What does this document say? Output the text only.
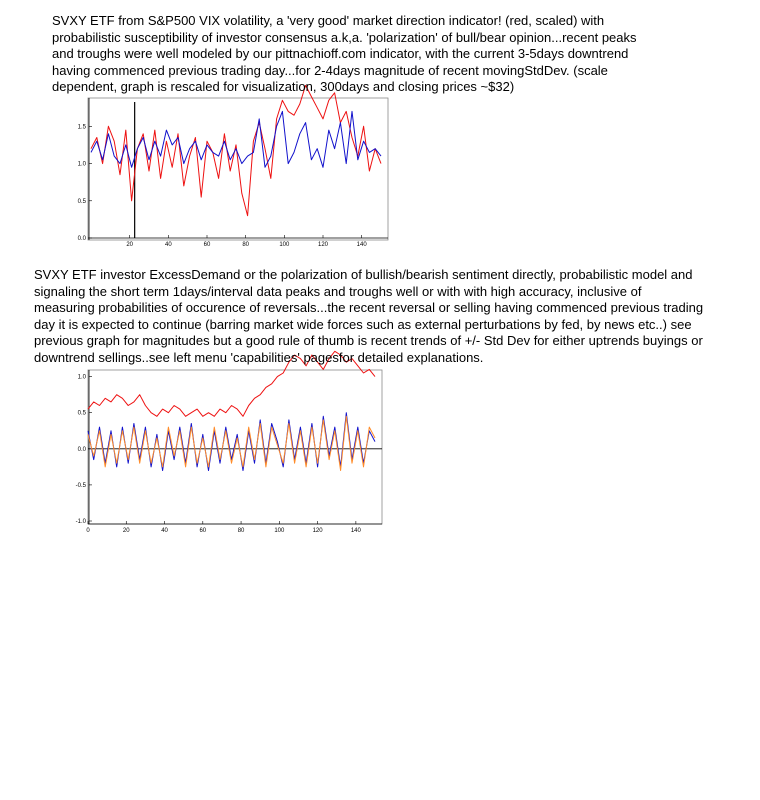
SVXY ETF from S&P500 VIX volatility, a 'very good' market direction indicator! (red, scaled) with probabilistic susceptibility of investor consensus a.k,a. 'polarization' of bull/bear opinion...recent peaks and troughs were well modeled by our pittnachioff.com indicator, with the current 3-5days downtrend having commenced previous trading day...for 2-4days magnitude of recent movingStdDev. (scale dependent, graph is rescaled for visualization, 300days and closing prices ~$32)

SVXY ETF investor ExcessDemand or the polarization of bullish/bearish sentiment directly, probabilistic model and signaling the short term 1days/interval data peaks and troughs well or with with high accuracy, inclusive of measuring probabilities of occurence of reversals...the recent reversal or selling having commenced previous trading day it is expected to continue (barring market wide forces such as external perturbations by fed, by news etc..) see previous graph for magnitudes but a good rule of thumb is recent trends of +/- Std Dev for either uptrends buyings or downtrend sellings..see left menu 'capabilities' pagesfor detailed explanations.

20	40	60	80	100	120	140
0.0
0.5
1.0
1.5
0	20	40	60	80	100	120	140
-1.0
-0.5
0.0
0.5
1.0
